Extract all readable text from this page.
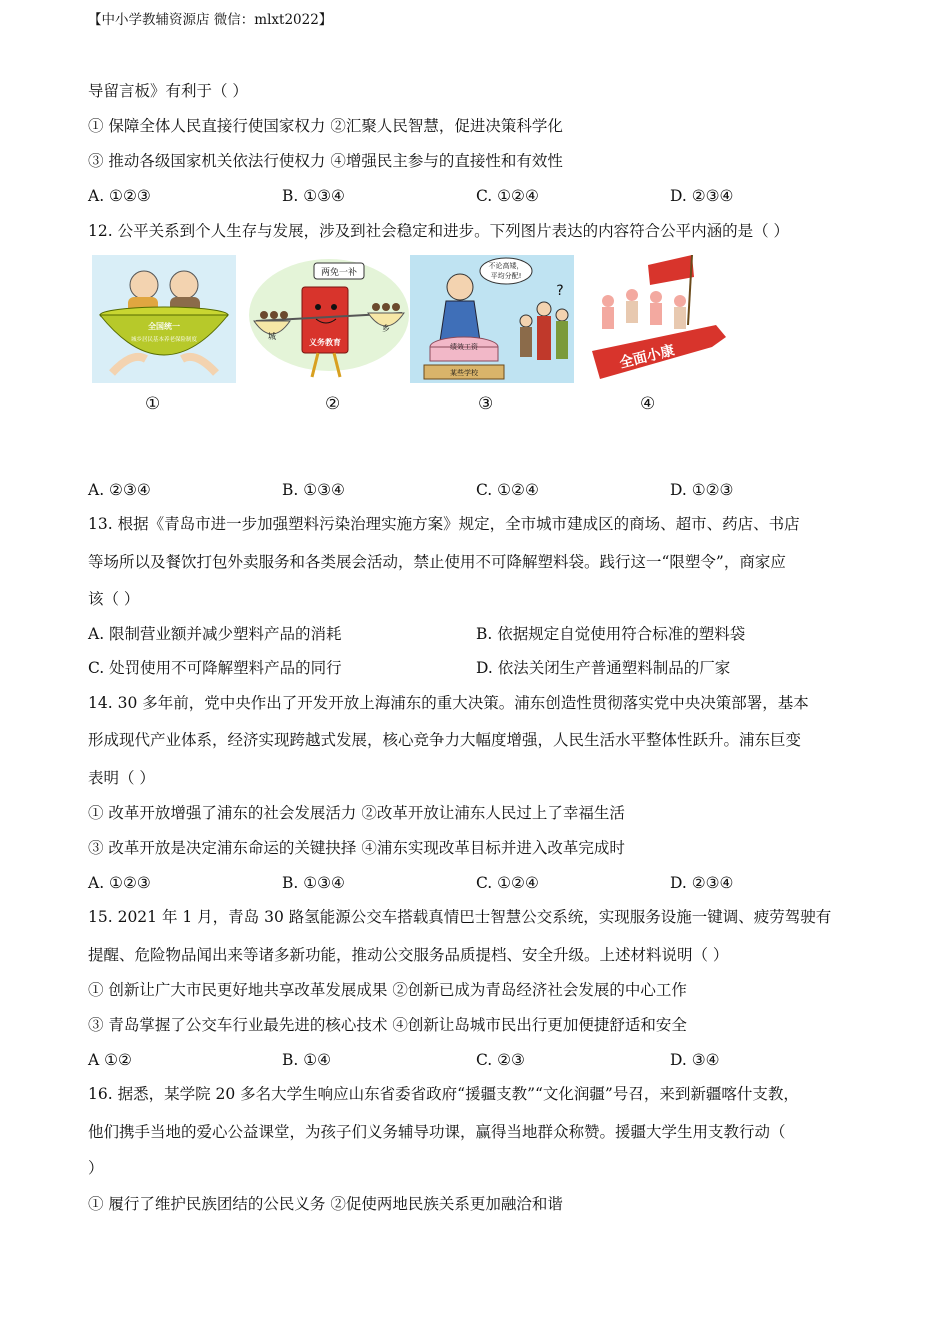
【中小学教辅资源店 微信：mlxt2022】
导留言板》有利于（ ）
① 保障全体人民直接行使国家权力 ②汇聚人民智慧，促进决策科学化
③ 推动各级国家机关依法行使权力 ④增强民主参与的直接性和有效性
A. ①②③	B. ①③④	C. ①②④	D. ②③④
12. 公平关系到个人生存与发展，涉及到社会稳定和进步。下列图片表达的内容符合公平内涵的是（ ）
全国统一
城乡居民基本养老保险制度
两免一补
义务教育
城
乡
不论高矮，
平均分配!
绩效工资
某些学校
?
全面小康
①	②	③	④
A. ②③④	B. ①③④	C. ①②④	D. ①②③
13. 根据《青岛市进一步加强塑料污染治理实施方案》规定，全市城市建成区的商场、超市、药店、书店
等场所以及餐饮打包外卖服务和各类展会活动，禁止使用不可降解塑料袋。践行这一“限塑令”，商家应
该（ ）
A. 限制营业额并减少塑料产品的消耗	B. 依据规定自觉使用符合标准的塑料袋
C. 处罚使用不可降解塑料产品的同行	D. 依法关闭生产普通塑料制品的厂家
14. 30 多年前，党中央作出了开发开放上海浦东的重大决策。浦东创造性贯彻落实党中央决策部署，基本
形成现代产业体系，经济实现跨越式发展，核心竞争力大幅度增强，人民生活水平整体性跃升。浦东巨变
表明（ ）
① 改革开放增强了浦东的社会发展活力 ②改革开放让浦东人民过上了幸福生活
③ 改革开放是决定浦东命运的关键抉择 ④浦东实现改革目标并进入改革完成时
A. ①②③	B. ①③④	C. ①②④	D. ②③④
15. 2021 年 1 月，青岛 30 路氢能源公交车搭载真情巴士智慧公交系统，实现服务设施一键调、疲劳驾驶有
提醒、危险物品闻出来等诸多新功能，推动公交服务品质提档、安全升级。上述材料说明（ ）
① 创新让广大市民更好地共享改革发展成果 ②创新已成为青岛经济社会发展的中心工作
③ 青岛掌握了公交车行业最先进的核心技术 ④创新让岛城市民出行更加便捷舒适和安全
A ①②	B. ①④	C. ②③	D. ③④
16. 据悉，某学院 20 多名大学生响应山东省委省政府“援疆支教”“文化润疆”号召，来到新疆喀什支教，
他们携手当地的爱心公益课堂，为孩子们义务辅导功课，赢得当地群众称赞。援疆大学生用支教行动（
）
① 履行了维护民族团结的公民义务 ②促使两地民族关系更加融洽和谐
